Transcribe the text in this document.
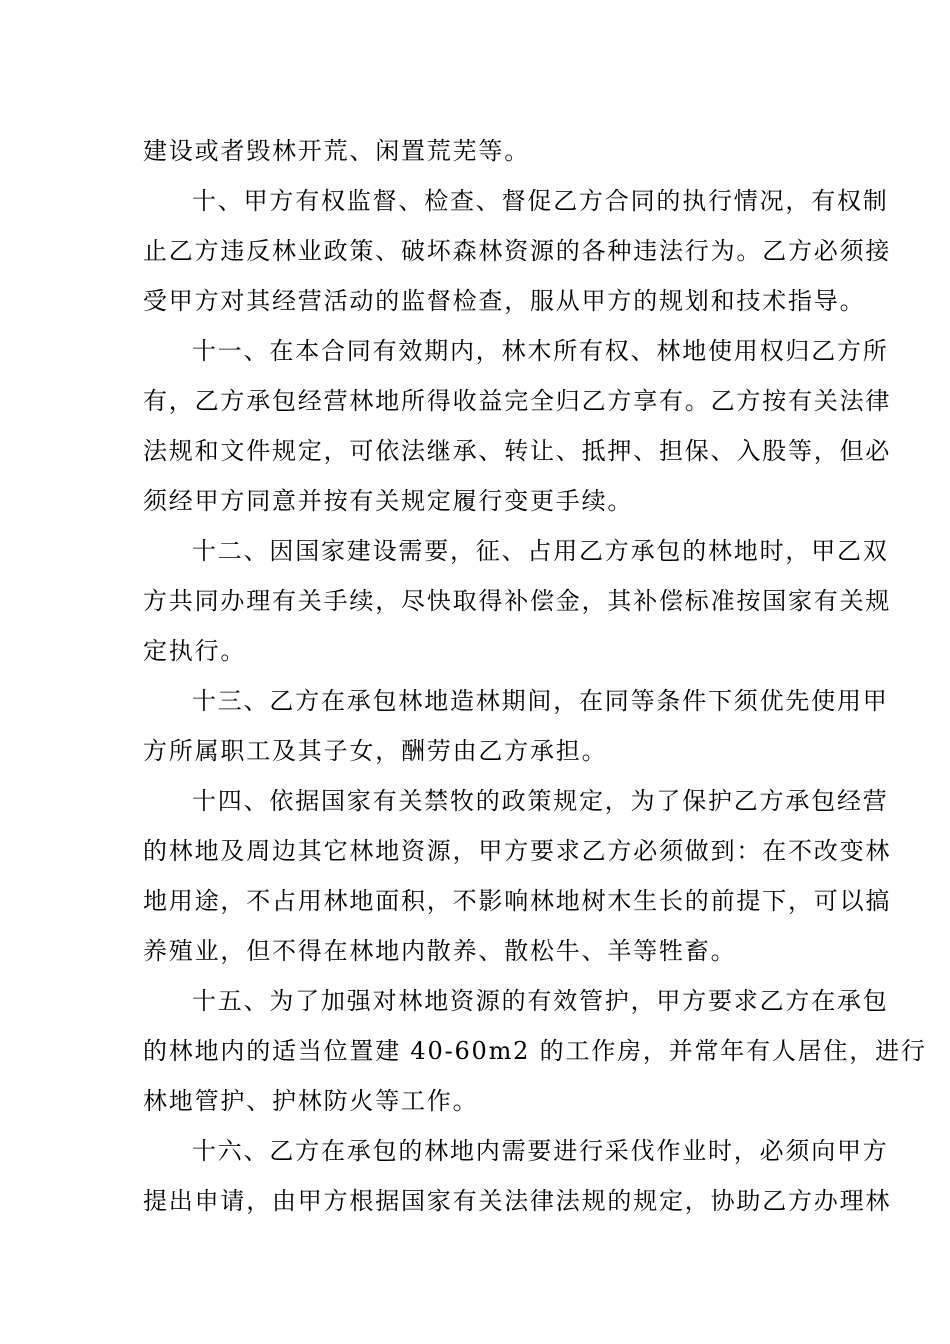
建设或者毁林开荒、闲置荒芜等。
十、甲方有权监督、检查、督促乙方合同的执行情况，有权制
止乙方违反林业政策、破坏森林资源的各种违法行为。乙方必须接
受甲方对其经营活动的监督检查，服从甲方的规划和技术指导。
十一、在本合同有效期内，林木所有权、林地使用权归乙方所
有，乙方承包经营林地所得收益完全归乙方享有。乙方按有关法律
法规和文件规定，可依法继承、转让、抵押、担保、入股等，但必
须经甲方同意并按有关规定履行变更手续。
十二、因国家建设需要，征、占用乙方承包的林地时，甲乙双
方共同办理有关手续，尽快取得补偿金，其补偿标准按国家有关规
定执行。
十三、乙方在承包林地造林期间，在同等条件下须优先使用甲
方所属职工及其子女，酬劳由乙方承担。
十四、依据国家有关禁牧的政策规定，为了保护乙方承包经营
的林地及周边其它林地资源，甲方要求乙方必须做到：在不改变林
地用途，不占用林地面积，不影响林地树木生长的前提下，可以搞
养殖业，但不得在林地内散养、散松牛、羊等牲畜。
十五、为了加强对林地资源的有效管护，甲方要求乙方在承包
的林地内的适当位置建 40-60m2 的工作房，并常年有人居住，进行
林地管护、护林防火等工作。
十六、乙方在承包的林地内需要进行采伐作业时，必须向甲方
提出申请，由甲方根据国家有关法律法规的规定，协助乙方办理林
